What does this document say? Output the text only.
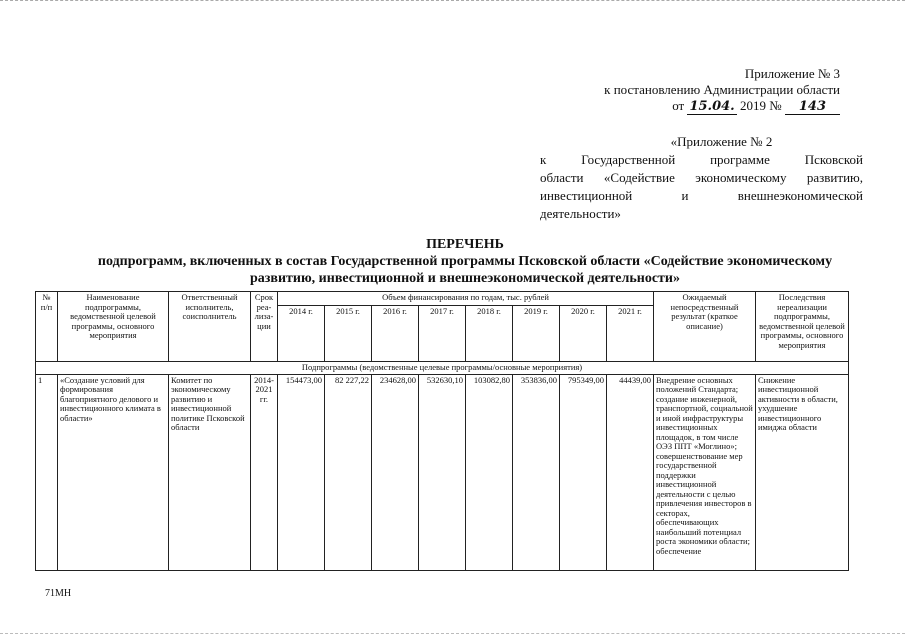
Приложение № 3
к постановлению Администрации области
от 15.04. 2019 № 143
«Приложение № 2
к Государственной программе Псковской
области «Содействие экономическому развитию,
инвестиционной и внешнеэкономической
деятельности»
ПЕРЕЧЕНЬ
подпрограмм, включенных в состав Государственной программы Псковской области «Содействие экономическому
развитию, инвестиционной и внешнеэкономической деятельности»
№ п/п	Наименование подпрограммы, ведомственной целевой программы, основного мероприятия	Ответственный исполнитель, соисполнитель	Срок реа-лиза-ции	Объем финансирования по годам, тыс. рублей								Ожидаемый непосредственный результат (краткое описание)	Последствия нереализации подпрограммы, ведомственной целевой программы, основного мероприятия
				2014 г.	2015 г.	2016 г.	2017 г.	2018 г.	2019 г.	2020 г.	2021 г.		
Подпрограммы (ведомственные целевые программы/основные мероприятия)													
1	«Создание условий для формирования благоприятного делового и инвестиционного климата в области»	Комитет по экономическому развитию и инвестиционной политике Псковской области	2014-2021 гг.	154473,00	82 227,22	234628,00	532630,10	103082,80	353836,00	795349,00	44439,00	Внедрение основных положений Стандарта; создание инженерной, транспортной, социальной и иной инфраструктуры инвестиционных площадок, в том числе ОЭЗ ППТ «Моглино»; совершенствование мер государственной поддержки инвестиционной деятельности с целью привлечения инвесторов в секторах, обеспечивающих наибольший потенциал роста экономики области; обеспечение	Снижение инвестиционной активности в области, ухудшение инвестиционного имиджа области
71МН
